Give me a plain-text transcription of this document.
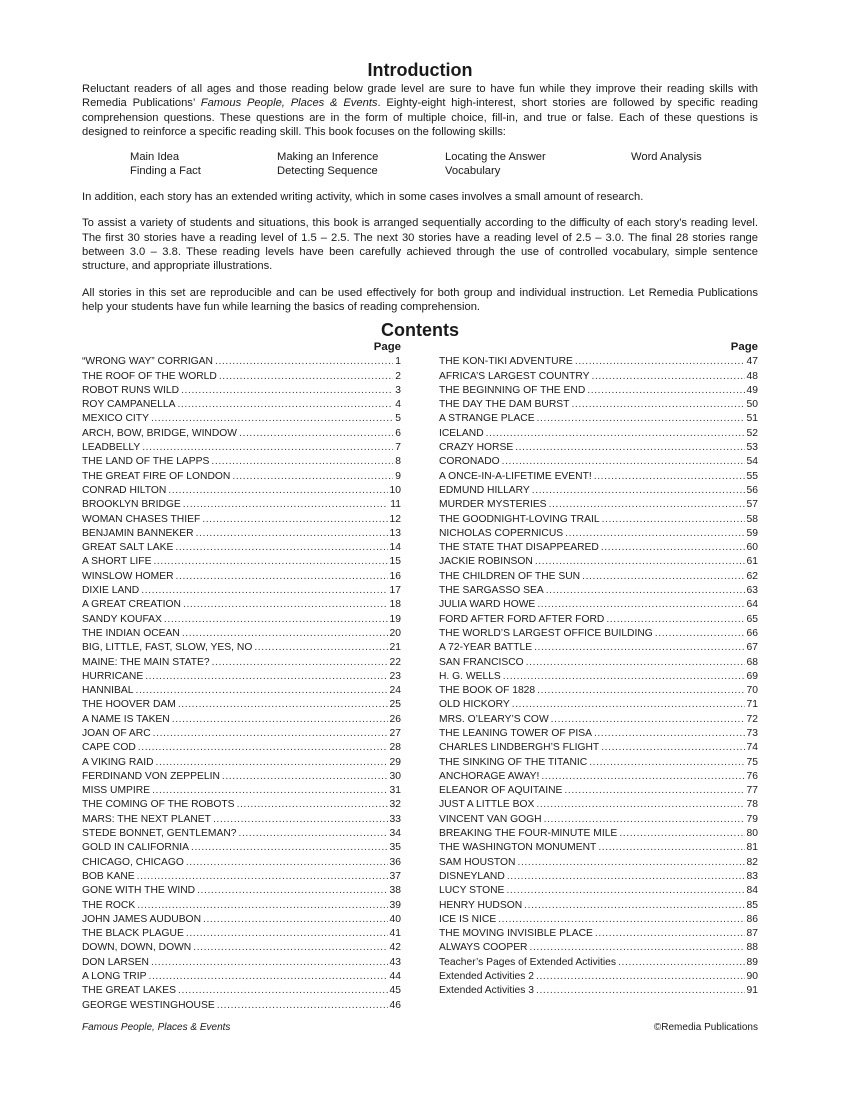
Introduction

Reluctant readers of all ages and those reading below grade level are sure to have fun while they improve their reading skills with Remedia Publications’ Famous People, Places & Events. Eighty-eight high-interest, short stories are followed by specific reading comprehension questions. These questions are in the form of multiple choice, fill-in, and true or false. Each of these questions is designed to reinforce a specific reading skill. This book focuses on the following skills:

Main Idea	Making an Inference	Locating the Answer	Word Analysis
Finding a Fact	Detecting Sequence	Vocabulary

In addition, each story has an extended writing activity, which in some cases involves a small amount of research.

To assist a variety of students and situations, this book is arranged sequentially according to the difficulty of each story’s reading level. The first 30 stories have a reading level of 1.5 – 2.5. The next 30 stories have a reading level of 2.5 – 3.0. The final 28 stories range between 3.0 – 3.8. These reading levels have been carefully achieved through the use of controlled vocabulary, simple sentence structure, and appropriate illustrations.

All stories in this set are reproducible and can be used effectively for both group and individual instruction. Let Remedia Publications help your students have fun while learning the basics of reading comprehension.

Contents
Page
“WRONG WAY” CORRIGAN .....	1
THE ROOF OF THE WORLD .....	2
ROBOT RUNS WILD .....	3
ROY CAMPANELLA .....	4
MEXICO CITY .....	5
ARCH, BOW, BRIDGE, WINDOW .....	6
LEADBELLY .....	7
THE LAND OF THE LAPPS .....	8
THE GREAT FIRE OF LONDON .....	9
CONRAD HILTON .....	10
BROOKLYN BRIDGE .....	11
WOMAN CHASES THIEF .....	12
BENJAMIN BANNEKER .....	13
GREAT SALT LAKE .....	14
A SHORT LIFE .....	15
WINSLOW HOMER .....	16
DIXIE LAND .....	17
A GREAT CREATION .....	18
SANDY KOUFAX .....	19
THE INDIAN OCEAN .....	20
BIG, LITTLE, FAST, SLOW, YES, NO .....	21
MAINE: THE MAIN STATE? .....	22
HURRICANE .....	23
HANNIBAL .....	24
THE HOOVER DAM .....	25
A NAME IS TAKEN .....	26
JOAN OF ARC .....	27
CAPE COD .....	28
A VIKING RAID .....	29
FERDINAND VON ZEPPELIN .....	30
MISS UMPIRE .....	31
THE COMING OF THE ROBOTS .....	32
MARS: THE NEXT PLANET .....	33
STEDE BONNET, GENTLEMAN? .....	34
GOLD IN CALIFORNIA .....	35
CHICAGO, CHICAGO .....	36
BOB KANE .....	37
GONE WITH THE WIND .....	38
THE ROCK .....	39
JOHN JAMES AUDUBON .....	40
THE BLACK PLAGUE .....	41
DOWN, DOWN, DOWN .....	42
DON LARSEN .....	43
A LONG TRIP .....	44
THE GREAT LAKES .....	45
GEORGE WESTINGHOUSE .....	46
Page
THE KON-TIKI ADVENTURE .....	47
AFRICA’S LARGEST COUNTRY .....	48
THE BEGINNING OF THE END .....	49
THE DAY THE DAM BURST .....	50
A STRANGE PLACE .....	51
ICELAND .....	52
CRAZY HORSE .....	53
CORONADO .....	54
A ONCE-IN-A-LIFETIME EVENT! .....	55
EDMUND HILLARY .....	56
MURDER MYSTERIES .....	57
THE GOODNIGHT-LOVING TRAIL .....	58
NICHOLAS COPERNICUS .....	59
THE STATE THAT DISAPPEARED .....	60
JACKIE ROBINSON .....	61
THE CHILDREN OF THE SUN .....	62
THE SARGASSO SEA .....	63
JULIA WARD HOWE .....	64
FORD AFTER FORD AFTER FORD .....	65
THE WORLD’S LARGEST OFFICE BUILDING .....	66
A 72-YEAR BATTLE .....	67
SAN FRANCISCO .....	68
H. G. WELLS .....	69
THE BOOK OF 1828 .....	70
OLD HICKORY .....	71
MRS. O’LEARY’S COW .....	72
THE LEANING TOWER OF PISA .....	73
CHARLES LINDBERGH’S FLIGHT .....	74
THE SINKING OF THE TITANIC .....	75
ANCHORAGE AWAY! .....	76
ELEANOR OF AQUITAINE .....	77
JUST A LITTLE BOX .....	78
VINCENT VAN GOGH .....	79
BREAKING THE FOUR-MINUTE MILE .....	80
THE WASHINGTON MONUMENT .....	81
SAM HOUSTON .....	82
DISNEYLAND .....	83
LUCY STONE .....	84
HENRY HUDSON .....	85
ICE IS NICE .....	86
THE MOVING INVISIBLE PLACE .....	87
ALWAYS COOPER .....	88
Teacher’s Pages of Extended Activities .....	89
Extended Activities 2 .....	90
Extended Activities 3 .....	91
Famous People, Places & Events	©Remedia Publications
